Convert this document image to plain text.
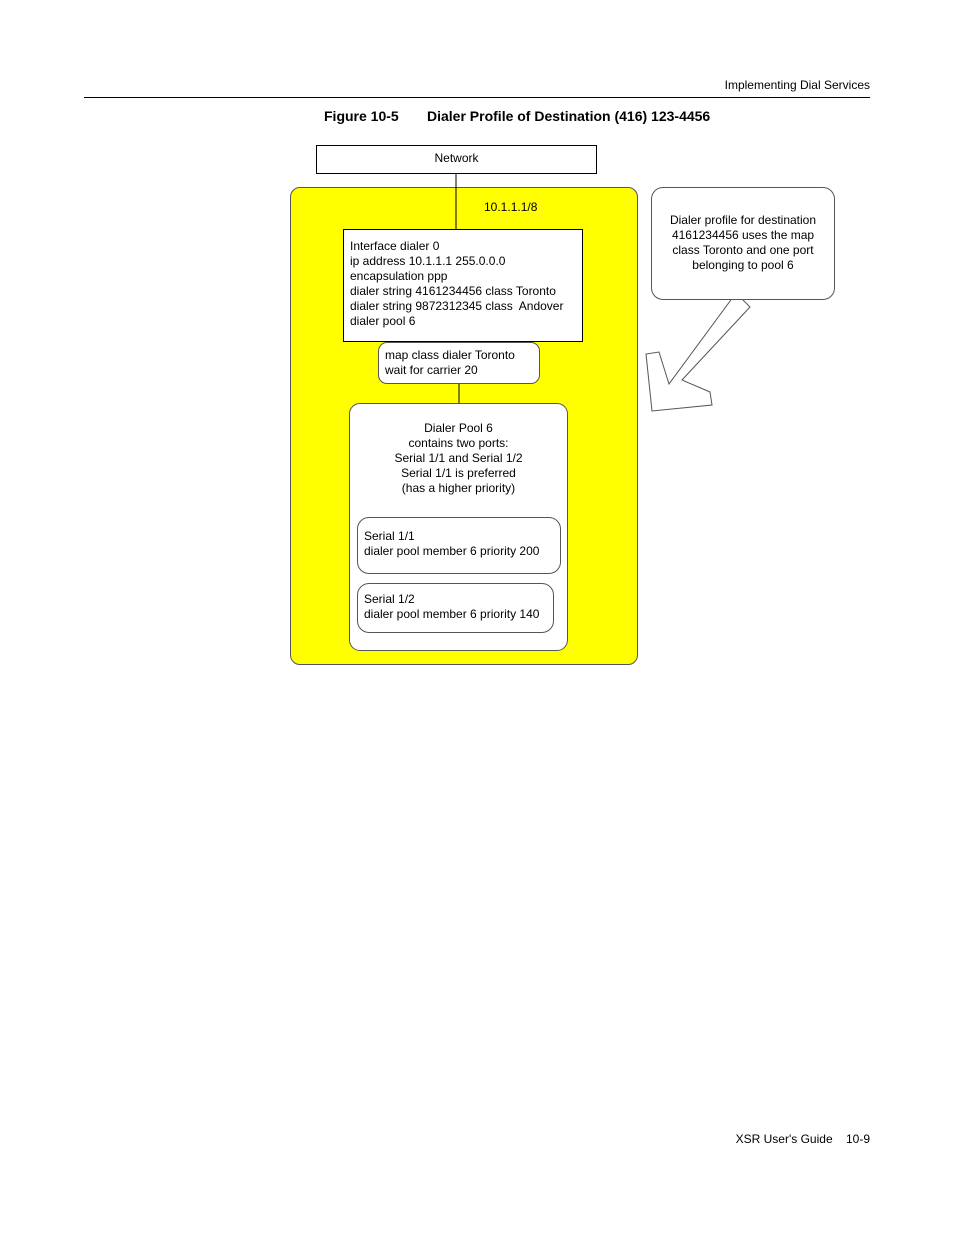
Implementing Dial Services
Figure 10-5 Dialer Profile of Destination (416) 123-4456
Network
10.1.1.1/8
Interface dialer 0
ip address 10.1.1.1 255.0.0.0
encapsulation ppp
dialer string 4161234456 class Toronto
dialer string 9872312345 class  Andover
dialer pool 6
map class dialer Toronto
wait for carrier 20
Dialer Pool 6
contains two ports:
Serial 1/1 and Serial 1/2
Serial 1/1 is preferred
(has a higher priority)
Serial 1/1
dialer pool member 6 priority 200
Serial 1/2
dialer pool member 6 priority 140
Dialer profile for destination
4161234456 uses the map
class Toronto and one port
belonging to pool 6
XSR User's Guide 10-9
